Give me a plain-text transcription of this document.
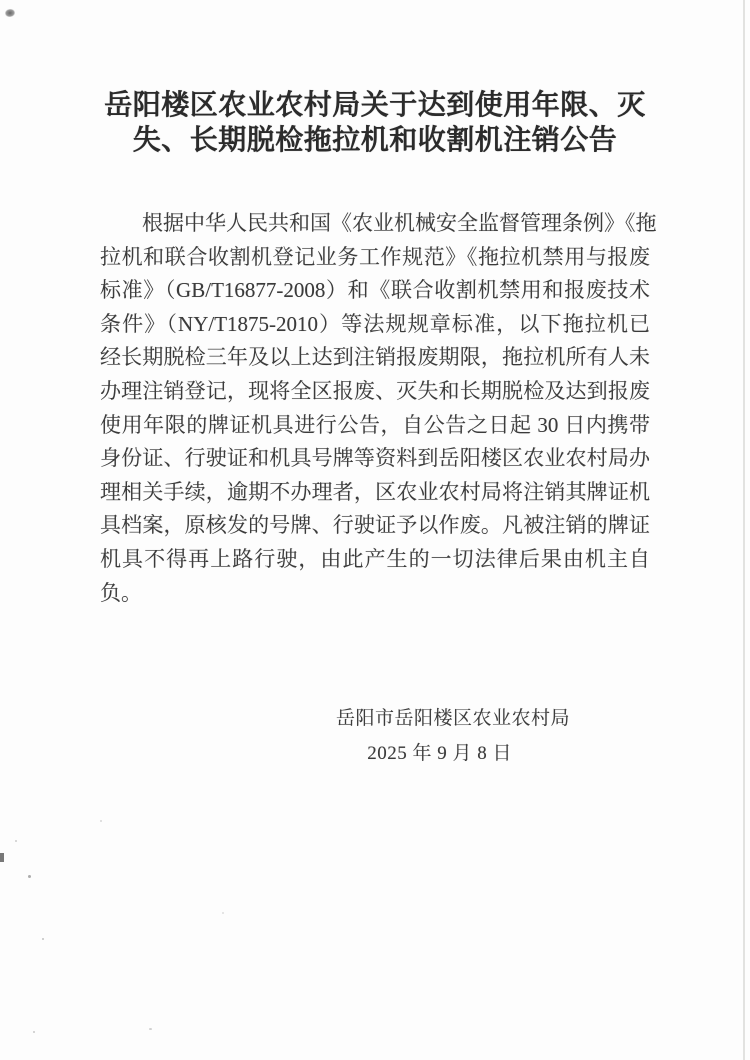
岳阳楼区农业农村局关于达到使用年限、灭
失、长期脱检拖拉机和收割机注销公告
根据中华人民共和国《农业机械安全监督管理条例》《拖
拉机和联合收割机登记业务工作规范》《拖拉机禁用与报废
标准》（GB/T16877-2008）和《联合收割机禁用和报废技术
条件》（NY/T1875-2010）等法规规章标准，以下拖拉机已
经长期脱检三年及以上达到注销报废期限，拖拉机所有人未
办理注销登记，现将全区报废、灭失和长期脱检及达到报废
使用年限的牌证机具进行公告，自公告之日起 30 日内携带
身份证、行驶证和机具号牌等资料到岳阳楼区农业农村局办
理相关手续，逾期不办理者，区农业农村局将注销其牌证机
具档案，原核发的号牌、行驶证予以作废。凡被注销的牌证
机具不得再上路行驶，由此产生的一切法律后果由机主自
负。
岳阳市岳阳楼区农业农村局
2025 年 9 月 8 日
